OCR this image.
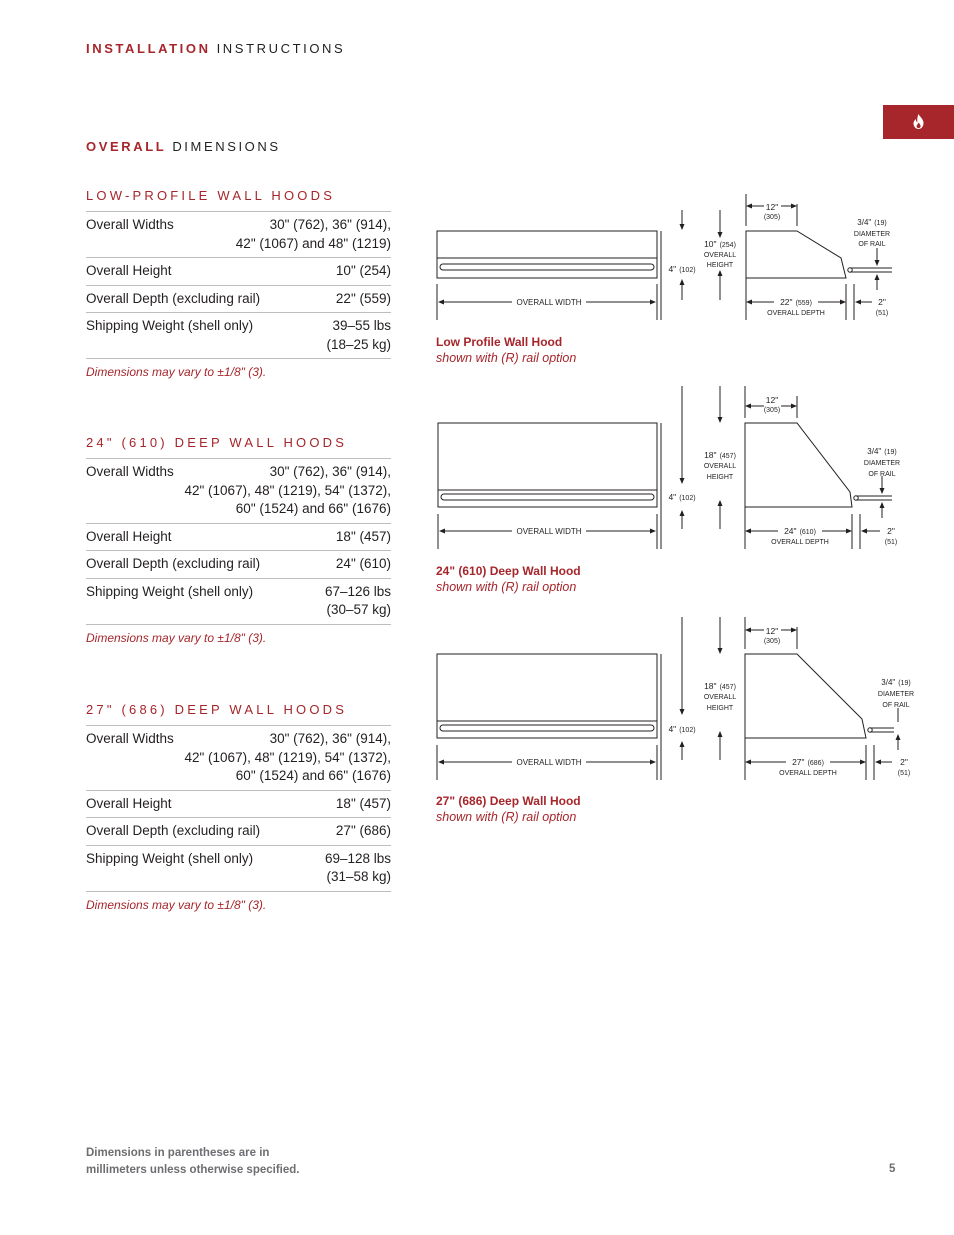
INSTALLATION INSTRUCTIONS
OVERALL DIMENSIONS
LOW-PROFILE WALL HOODS
Overall Widths	30" (762), 36" (914),
42" (1067) and 48" (1219)
Overall Height	10" (254)
Overall Depth (excluding rail)	22" (559)
Shipping Weight (shell only)	39–55 lbs
(18–25 kg)
Dimensions may vary to ±1/8" (3).
24" (610) DEEP WALL HOODS
Overall Widths	30" (762), 36" (914),
42" (1067), 48" (1219), 54" (1372),
60" (1524) and 66" (1676)
Overall Height	18" (457)
Overall Depth (excluding rail)	24" (610)
Shipping Weight (shell only)	67–126 lbs
(30–57 kg)
Dimensions may vary to ±1/8" (3).
27" (686) DEEP WALL HOODS
Overall Widths	30" (762), 36" (914),
42" (1067), 48" (1219), 54" (1372),
60" (1524) and 66" (1676)
Overall Height	18" (457)
Overall Depth (excluding rail)	27" (686)
Shipping Weight (shell only)	69–128 lbs
(31–58 kg)
Dimensions may vary to ±1/8" (3).
OVERALL WIDTH
4" (102)
10" (254)
OVERALL
HEIGHT
12"
(305)
22" (559)
OVERALL DEPTH
2"
(51)
3/4" (19)
DIAMETER
OF RAIL
Low Profile Wall Hood
shown with (R) rail option
OVERALL WIDTH
4" (102)
18" (457)
OVERALL
HEIGHT
12"
(305)
24" (610)
OVERALL DEPTH
2"
(51)
3/4" (19)
DIAMETER
OF RAIL
24" (610) Deep Wall Hood
shown with (R) rail option
OVERALL WIDTH
4" (102)
18" (457)
OVERALL
HEIGHT
12"
(305)
27" (686)
OVERALL DEPTH
2"
(51)
3/4" (19)
DIAMETER
OF RAIL
27" (686) Deep Wall Hood
shown with (R) rail option
Dimensions in parentheses are in
millimeters unless otherwise specified.	5
